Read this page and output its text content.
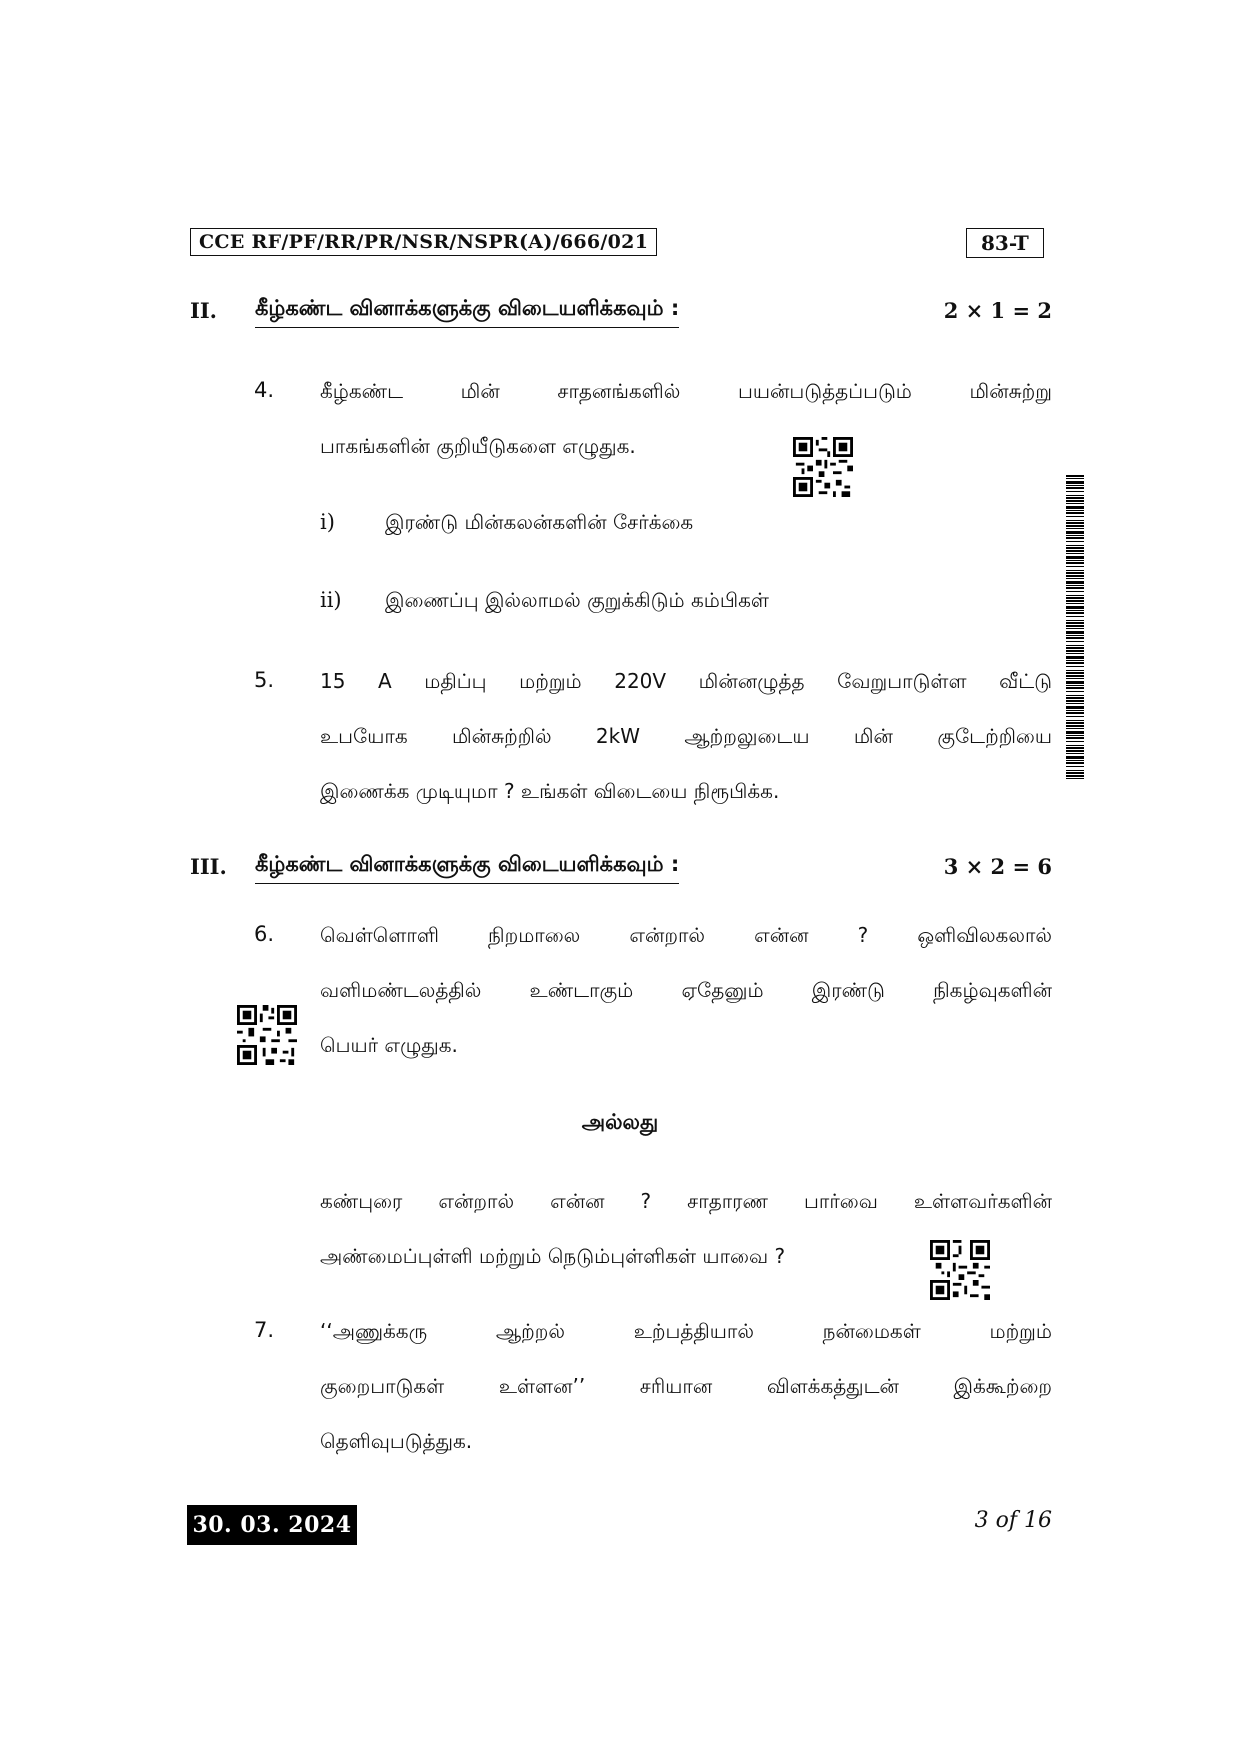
CCE RF/PF/RR/PR/NSR/NSPR(A)/666/021	83-T
II. கீழ்கண்ட வினாக்களுக்கு விடையளிக்கவும் :	2 × 1 = 2
4. கீழ்கண்ட மின் சாதனங்களில் பயன்படுத்தப்படும் மின்சுற்று
பாகங்களின் குறியீடுகளை எழுதுக.
i)	இரண்டு மின்கலன்களின் சேர்க்கை
ii) இணைப்பு இல்லாமல் குறுக்கிடும் கம்பிகள்
5. 15 A மதிப்பு மற்றும் 220V மின்னழுத்த வேறுபாடுள்ள வீட்டு
உபயோக மின்சுற்றில் 2kW ஆற்றலுடைய மின் குடேற்றியை
இணைக்க முடியுமா ? உங்கள் விடையை நிரூபிக்க.
III. கீழ்கண்ட வினாக்களுக்கு விடையளிக்கவும் :	3 × 2 = 6
6. வெள்ளொளி நிறமாலை என்றால் என்ன ? ஒளிவிலகலால்
வளிமண்டலத்தில் உண்டாகும் ஏதேனும் இரண்டு நிகழ்வுகளின்
பெயர் எழுதுக.
அல்லது
கண்புரை என்றால் என்ன ? சாதாரண பார்வை உள்ளவர்களின்
அண்மைப்புள்ளி மற்றும் நெடும்புள்ளிகள் யாவை ?
7. ‘‘அணுக்கரு ஆற்றல் உற்பத்தியால் நன்மைகள் மற்றும்
குறைபாடுகள் உள்ளன’’ சரியான விளக்கத்துடன் இக்கூற்றை
தெளிவுபடுத்துக.
30. 03. 2024	3 of 16
